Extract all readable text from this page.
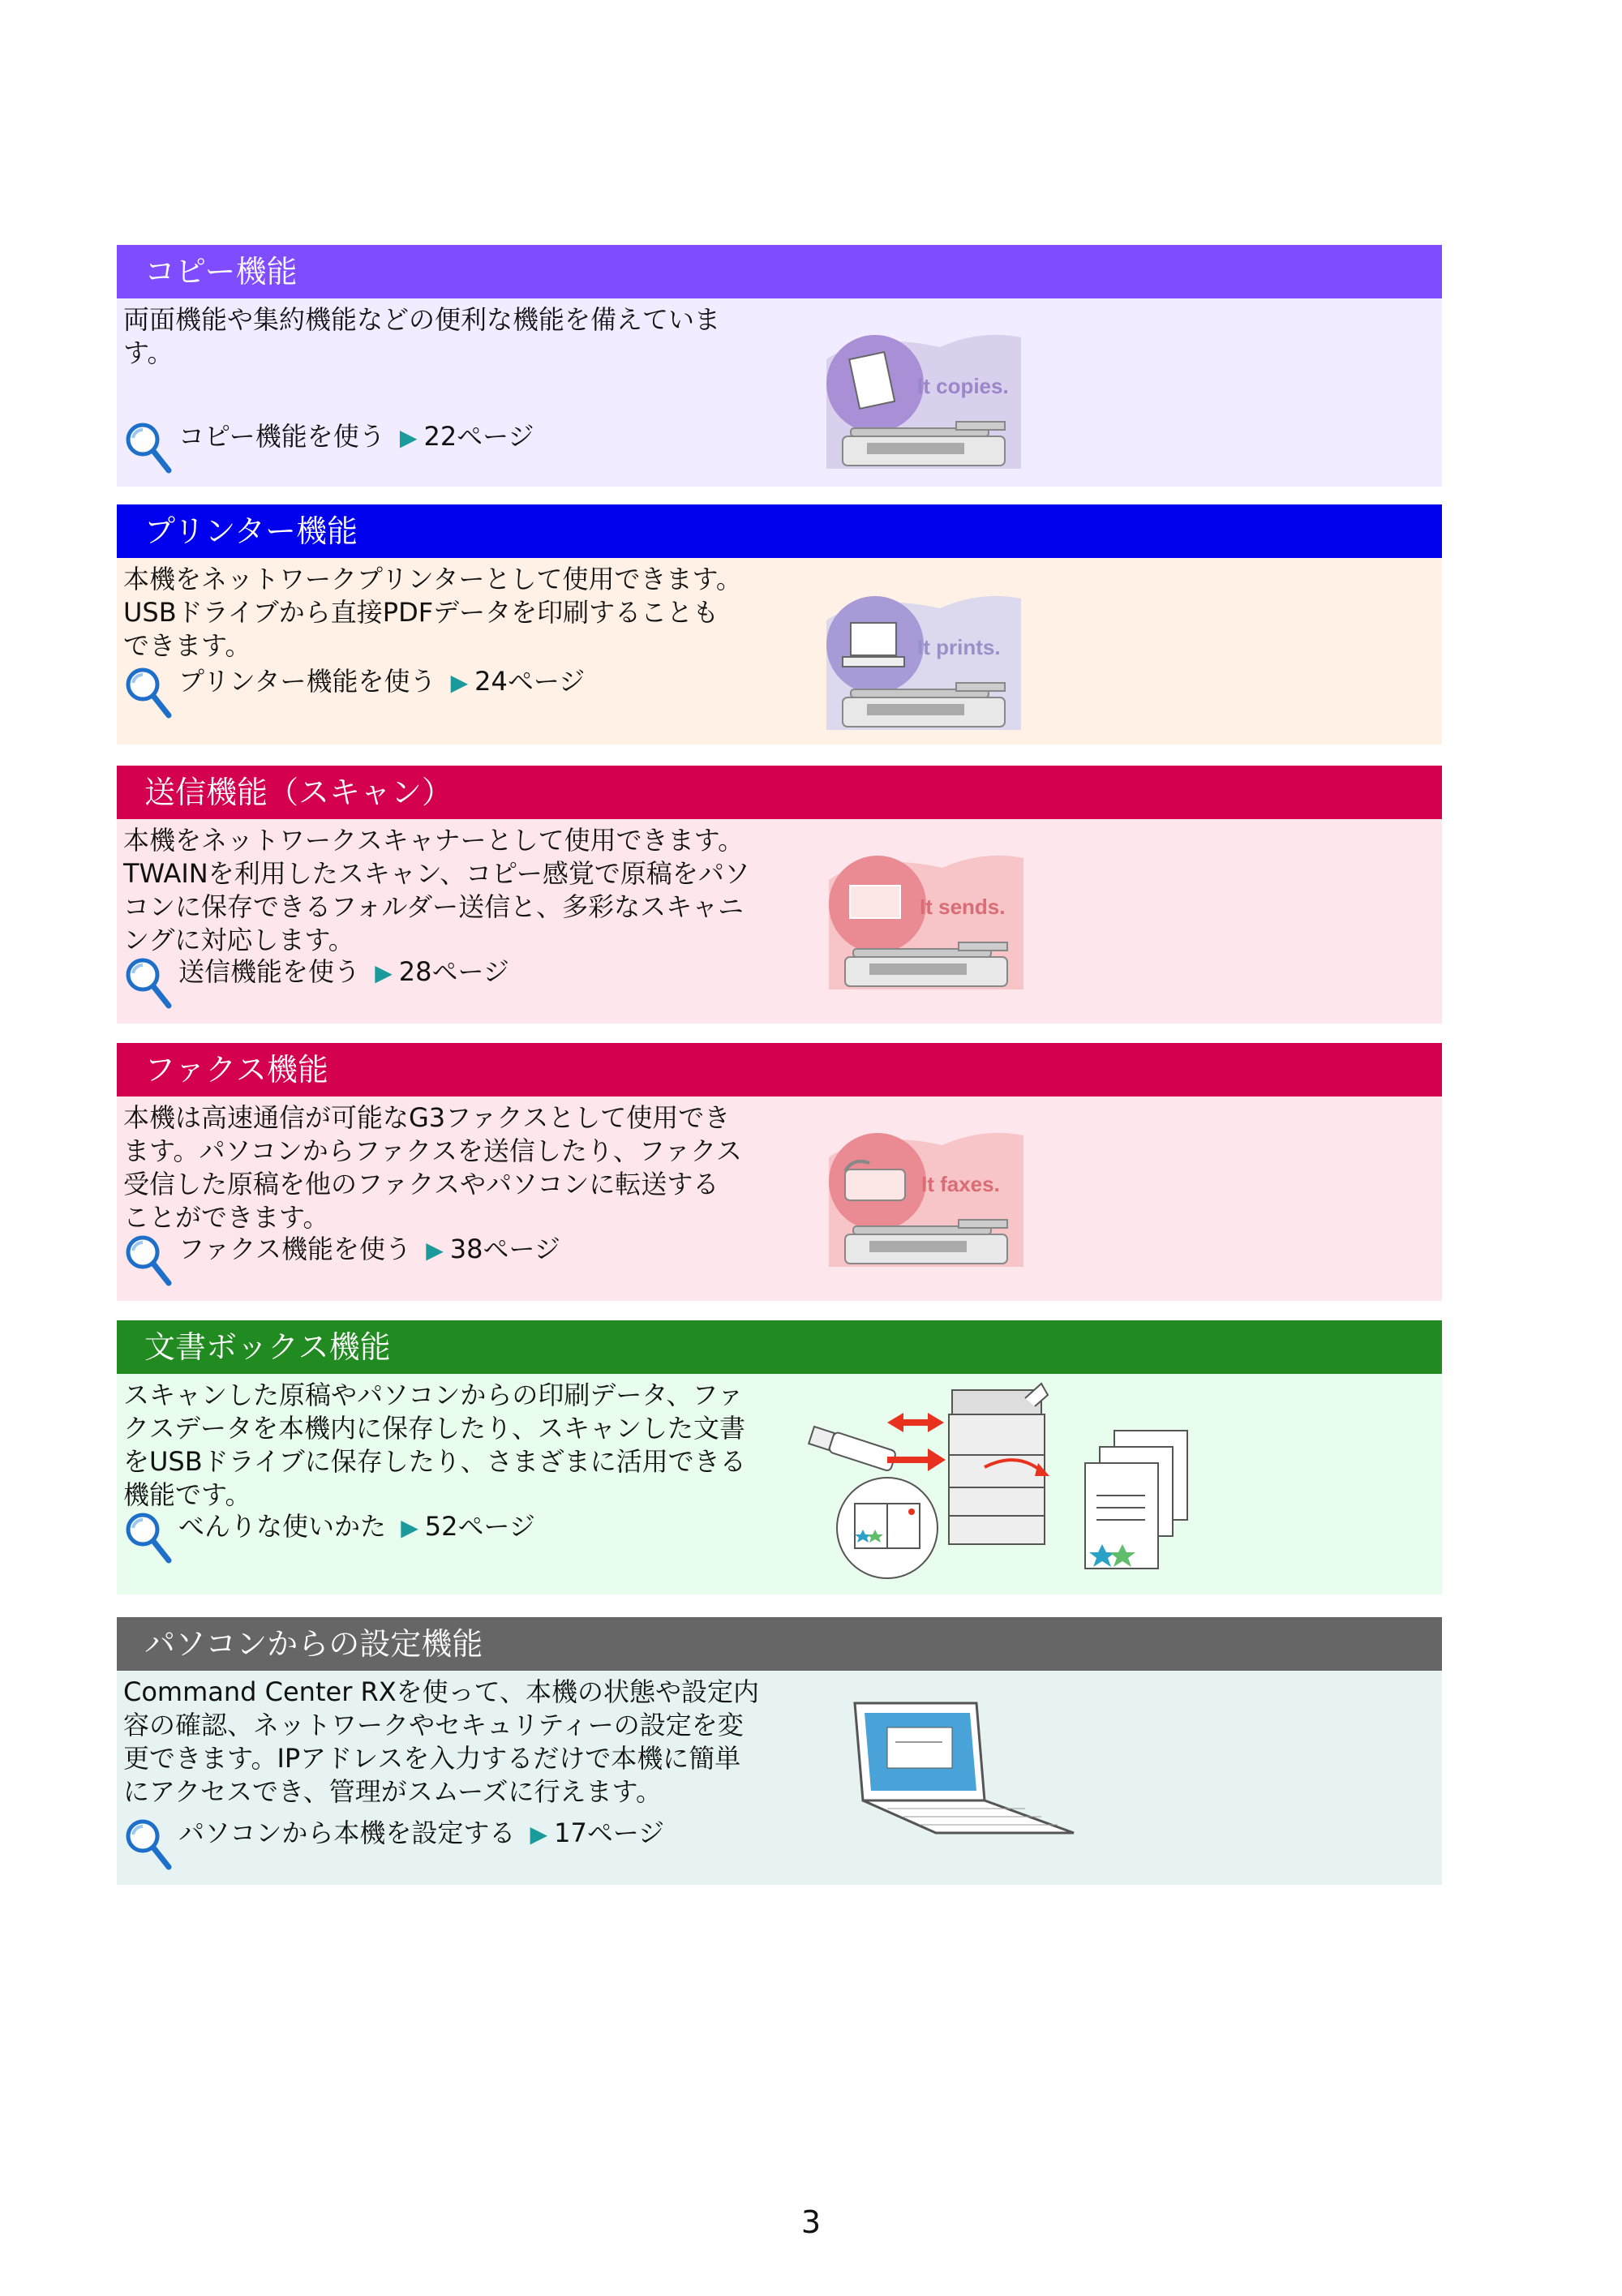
コピー機能
両面機能や集約機能などの便利な機能を備えていま
す。
コピー機能を使う ▶ 22ページ
It copies.
プリンター機能
本機をネットワークプリンターとして使用できます。
USBドライブから直接PDFデータを印刷することも
できます。
プリンター機能を使う ▶ 24ページ
It prints.
送信機能（スキャン）
本機をネットワークスキャナーとして使用できます。
TWAINを利用したスキャン、コピー感覚で原稿をパソ
コンに保存できるフォルダー送信と、多彩なスキャニ
ングに対応します。
送信機能を使う ▶ 28ページ
It sends.
ファクス機能
本機は高速通信が可能なG3ファクスとして使用でき
ます。パソコンからファクスを送信したり、ファクス
受信した原稿を他のファクスやパソコンに転送する
ことができます。
ファクス機能を使う ▶ 38ページ
It faxes.
文書ボックス機能
スキャンした原稿やパソコンからの印刷データ、ファ
クスデータを本機内に保存したり、スキャンした文書
をUSBドライブに保存したり、さまざまに活用できる
機能です。
べんりな使いかた ▶ 52ページ
パソコンからの設定機能
Command Center RXを使って、本機の状態や設定内
容の確認、ネットワークやセキュリティーの設定を変
更できます。IPアドレスを入力するだけで本機に簡単
にアクセスでき、管理がスムーズに行えます。
パソコンから本機を設定する ▶ 17ページ
3
